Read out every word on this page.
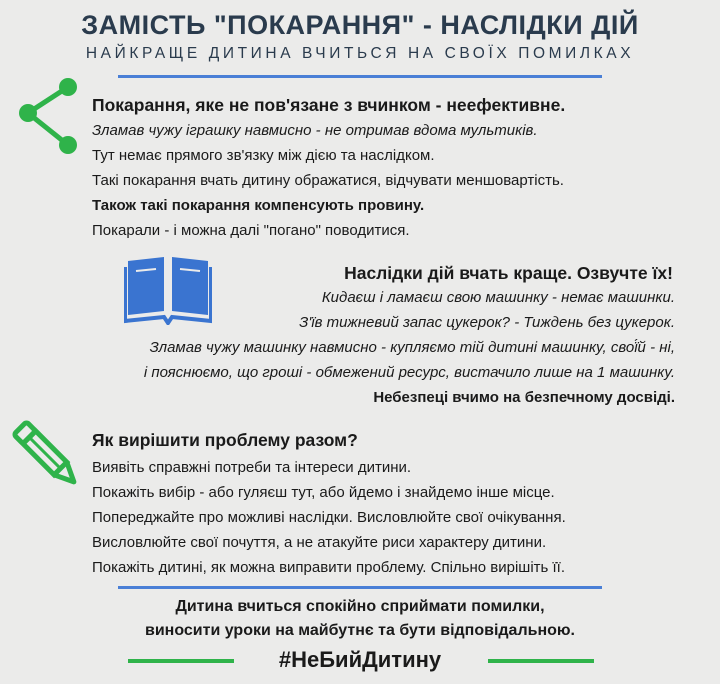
ЗАМІСТЬ "ПОКАРАННЯ" - НАСЛІДКИ ДІЙ
НАЙКРАЩЕ ДИТИНА ВЧИТЬСЯ НА СВОЇХ ПОМИЛКАХ
Покарання, яке не пов'язане з вчинком - неефективне.
Зламав чужу іграшку навмисно - не отримав вдома мультиків.
Тут немає прямого зв'язку між дією та наслідком.
Такі покарання вчать дитину ображатися, відчувати меншовартість.
Також такі покарання компенсують провину.
Покарали - і можна далі "погано" поводитися.
Наслідки дій вчать краще. Озвучте їх!
Кидаєш і ламаєш свою машинку - немає машинки.
З'їв тижневий запас цукерок? - Тиждень без цукерок.
Зламав чужу машинку навмисно - купляємо тій дитині машинку, свої́й - ні,
і пояснюємо, що гроші - обмежений ресурс, вистачило лише на 1 машинку.
Небезпеці вчимо на безпечному досвіді.
Як вирішити проблему разом?
Виявіть справжні потреби та інтереси дитини.
Покажіть вибір - або гуляєш тут, або йдемо і знайдемо інше місце.
Попереджайте про можливі наслідки. Висловлюйте свої очікування.
Висловлюйте свої почуття, а не атакуйте риси характеру дитини.
Покажіть дитині, як можна виправити проблему. Спільно вирішіть її.
Дитина вчиться спокійно сприймати помилки,
виносити уроки на майбутнє та бути відповідальною.
#НеБийДитину
